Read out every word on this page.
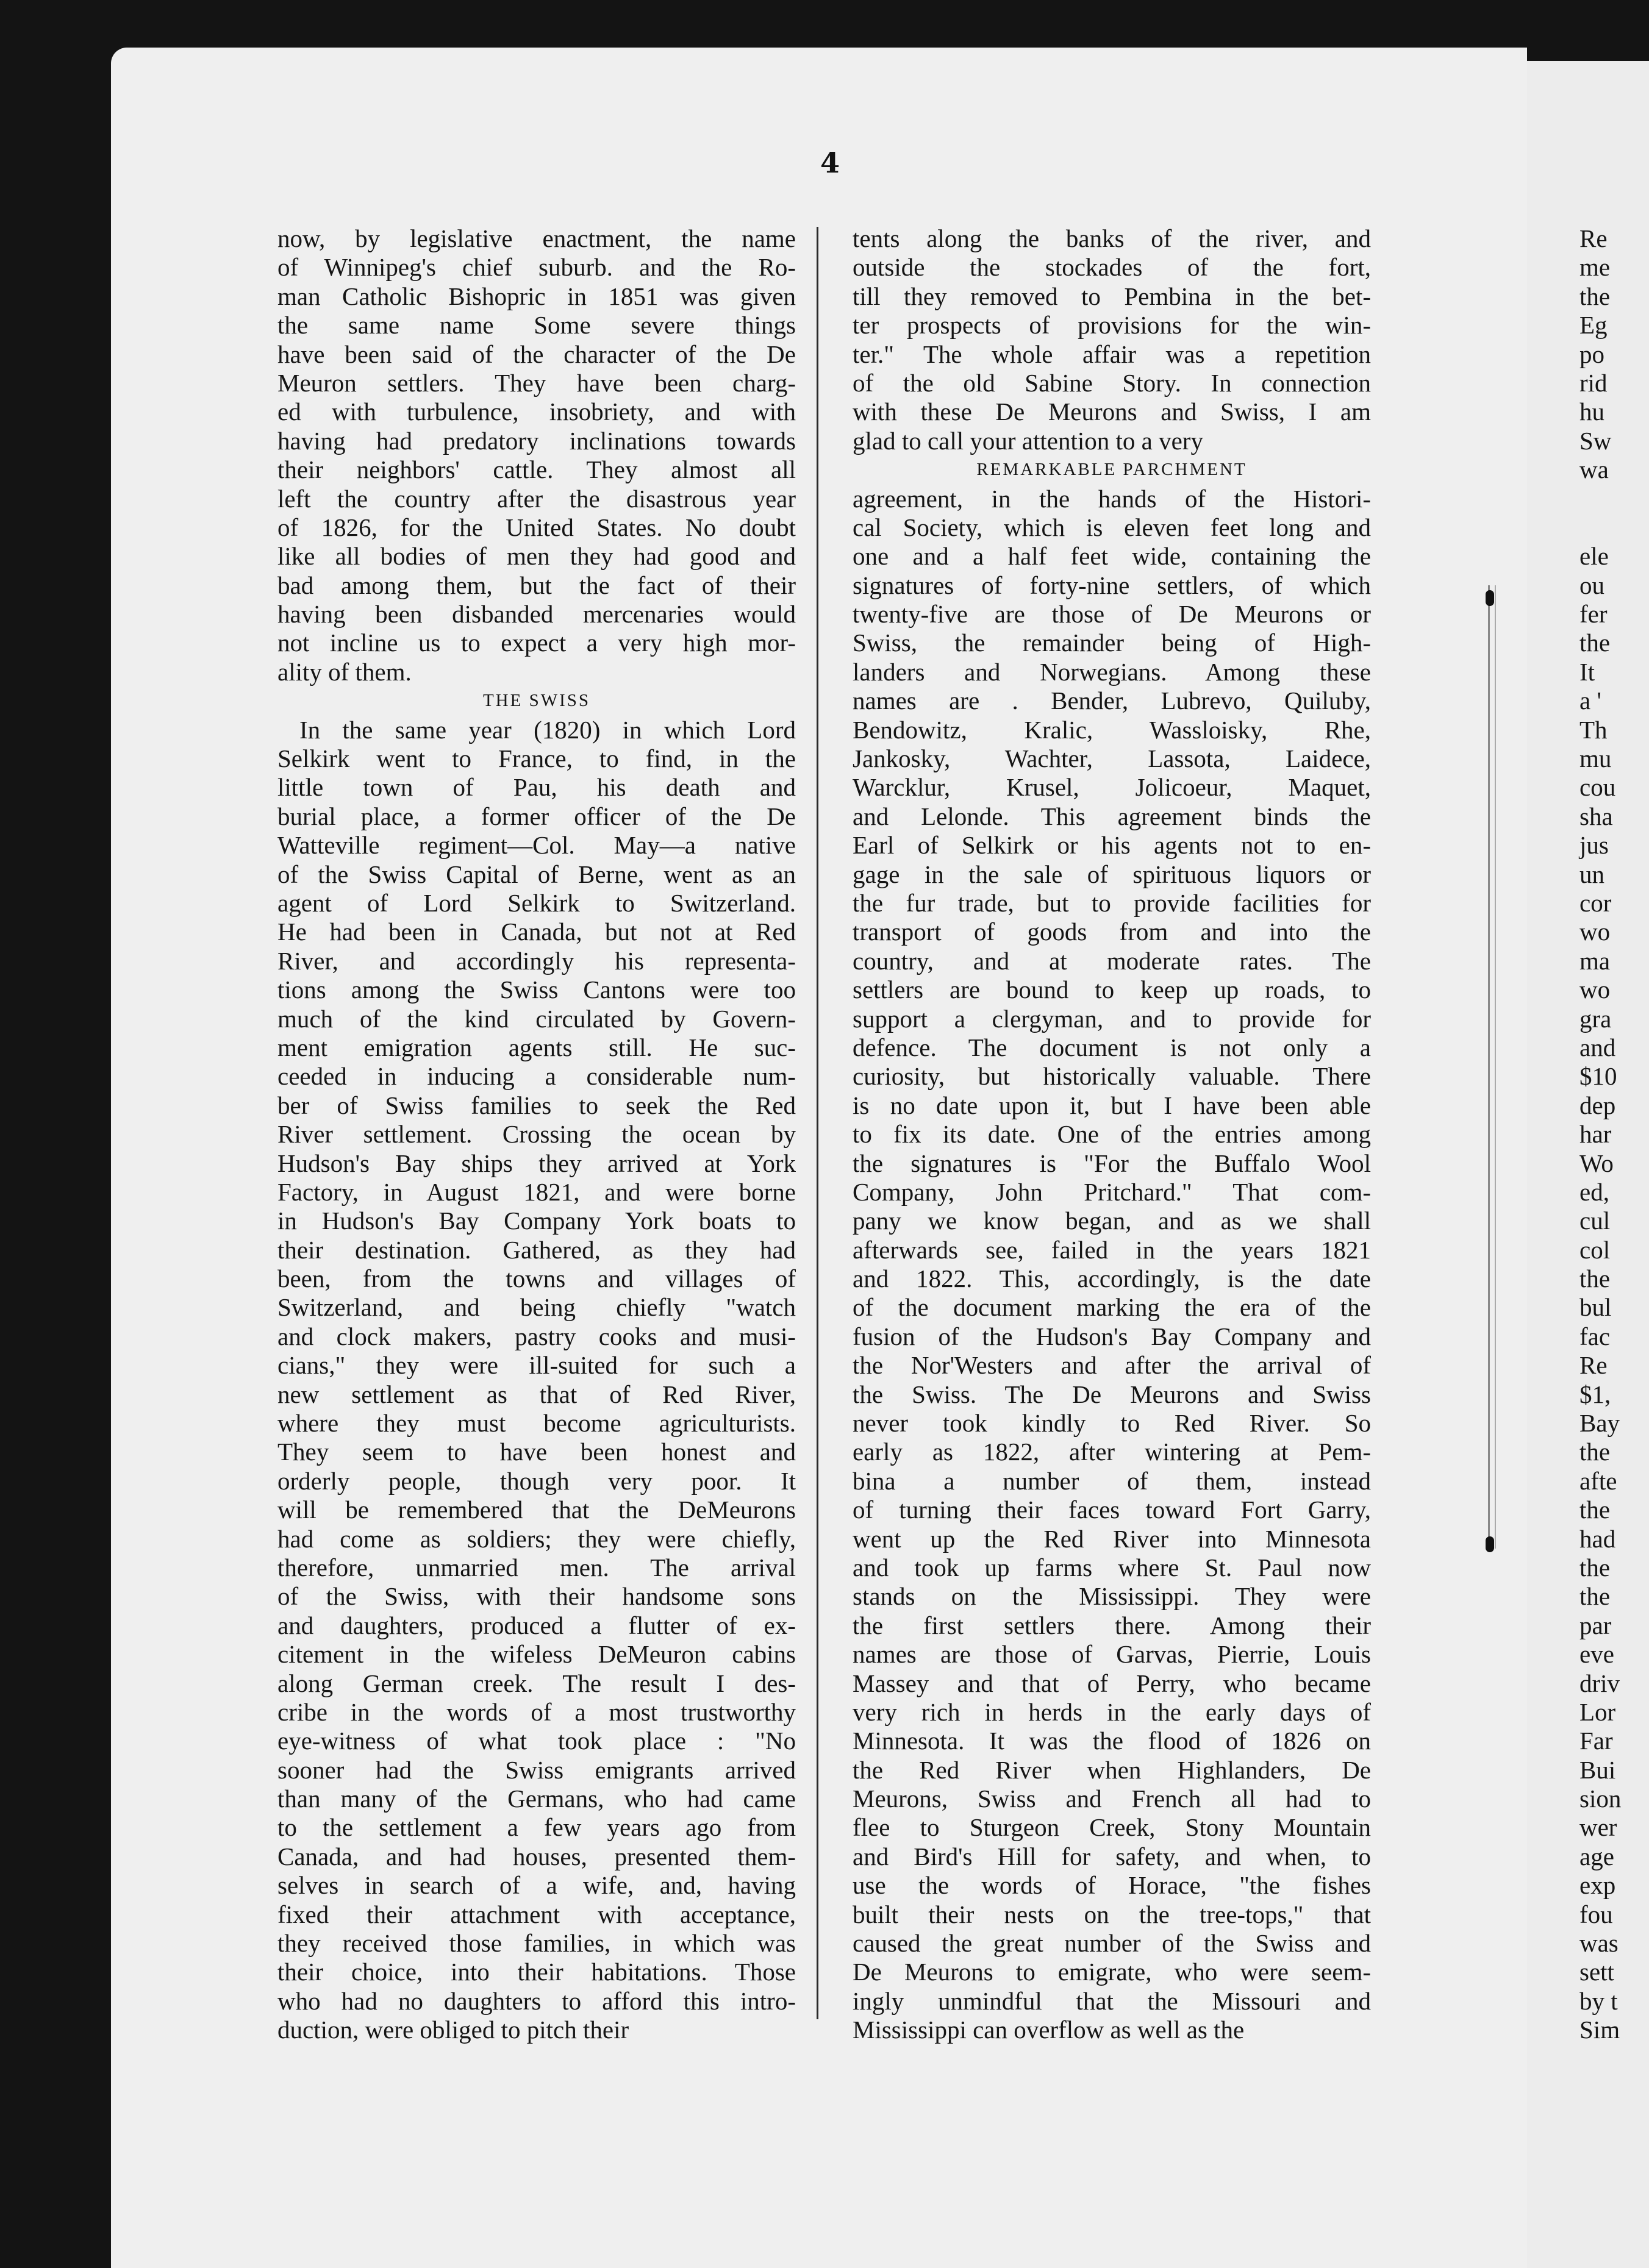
4
now, by legislative enactment, the name
of Winnipeg's chief suburb. and the Ro-
man Catholic Bishopric in 1851 was given
the same name Some severe things
have been said of the character of the De
Meuron settlers. They have been charg-
ed with turbulence, insobriety, and with
having had predatory inclinations towards
their neighbors' cattle. They almost all
left the country after the disastrous year
of 1826, for the United States. No doubt
like all bodies of men they had good and
bad among them, but the fact of their
having been disbanded mercenaries would
not incline us to expect a very high mor-
ality of them.
THE SWISS
In the same year (1820) in which Lord
Selkirk went to France, to find, in the
little town of Pau, his death and
burial place, a former officer of the De
Watteville regiment—Col. May—a native
of the Swiss Capital of Berne, went as an
agent of Lord Selkirk to Switzerland.
He had been in Canada, but not at Red
River, and accordingly his representa-
tions among the Swiss Cantons were too
much of the kind circulated by Govern-
ment emigration agents still. He suc-
ceeded in inducing a considerable num-
ber of Swiss families to seek the Red
River settlement. Crossing the ocean by
Hudson's Bay ships they arrived at York
Factory, in August 1821, and were borne
in Hudson's Bay Company York boats to
their destination. Gathered, as they had
been, from the towns and villages of
Switzerland, and being chiefly "watch
and clock makers, pastry cooks and musi-
cians," they were ill-suited for such a
new settlement as that of Red River,
where they must become agriculturists.
They seem to have been honest and
orderly people, though very poor. It
will be remembered that the DeMeurons
had come as soldiers; they were chiefly,
therefore, unmarried men. The arrival
of the Swiss, with their handsome sons
and daughters, produced a flutter of ex-
citement in the wifeless DeMeuron cabins
along German creek. The result I des-
cribe in the words of a most trustworthy
eye-witness of what took place : "No
sooner had the Swiss emigrants arrived
than many of the Germans, who had came
to the settlement a few years ago from
Canada, and had houses, presented them-
selves in search of a wife, and, having
fixed their attachment with acceptance,
they received those families, in which was
their choice, into their habitations. Those
who had no daughters to afford this intro-
duction, were obliged to pitch their
tents along the banks of the river, and
outside the stockades of the fort,
till they removed to Pembina in the bet-
ter prospects of provisions for the win-
ter." The whole affair was a repetition
of the old Sabine Story. In connection
with these De Meurons and Swiss, I am
glad to call your attention to a very
REMARKABLE PARCHMENT
agreement, in the hands of the Histori-
cal Society, which is eleven feet long and
one and a half feet wide, containing the
signatures of forty-nine settlers, of which
twenty-five are those of De Meurons or
Swiss, the remainder being of High-
landers and Norwegians. Among these
names are . Bender, Lubrevo, Quiluby,
Bendowitz, Kralic, Wassloisky, Rhe,
Jankosky, Wachter, Lassota, Laidece,
Warcklur, Krusel, Jolicoeur, Maquet,
and Lelonde. This agreement binds the
Earl of Selkirk or his agents not to en-
gage in the sale of spirituous liquors or
the fur trade, but to provide facilities for
transport of goods from and into the
country, and at moderate rates. The
settlers are bound to keep up roads, to
support a clergyman, and to provide for
defence. The document is not only a
curiosity, but historically valuable. There
is no date upon it, but I have been able
to fix its date. One of the entries among
the signatures is "For the Buffalo Wool
Company, John Pritchard." That com-
pany we know began, and as we shall
afterwards see, failed in the years 1821
and 1822. This, accordingly, is the date
of the document marking the era of the
fusion of the Hudson's Bay Company and
the Nor'Westers and after the arrival of
the Swiss. The De Meurons and Swiss
never took kindly to Red River. So
early as 1822, after wintering at Pem-
bina a number of them, instead
of turning their faces toward Fort Garry,
went up the Red River into Minnesota
and took up farms where St. Paul now
stands on the Mississippi. They were
the first settlers there. Among their
names are those of Garvas, Pierrie, Louis
Massey and that of Perry, who became
very rich in herds in the early days of
Minnesota. It was the flood of 1826 on
the Red River when Highlanders, De
Meurons, Swiss and French all had to
flee to Sturgeon Creek, Stony Mountain
and Bird's Hill for safety, and when, to
use the words of Horace, "the fishes
built their nests on the tree-tops," that
caused the great number of the Swiss and
De Meurons to emigrate, who were seem-
ingly unmindful that the Missouri and
Mississippi can overflow as well as the
Re
me
the
Eg
po
rid
hu
Sw
wa
ele
ou
fer
the
It
a '
Th
mu
cou
sha
jus
un
cor
wo
ma
wo
gra
and
$10
dep
har
Wo
ed,
cul
col
the
bul
fac
Re
$1,
Bay
the
afte
the
had
the
the
par
eve
driv
Lor
Far
Bui
sion
wer
age
exp
fou
was
sett
by t
Sim
